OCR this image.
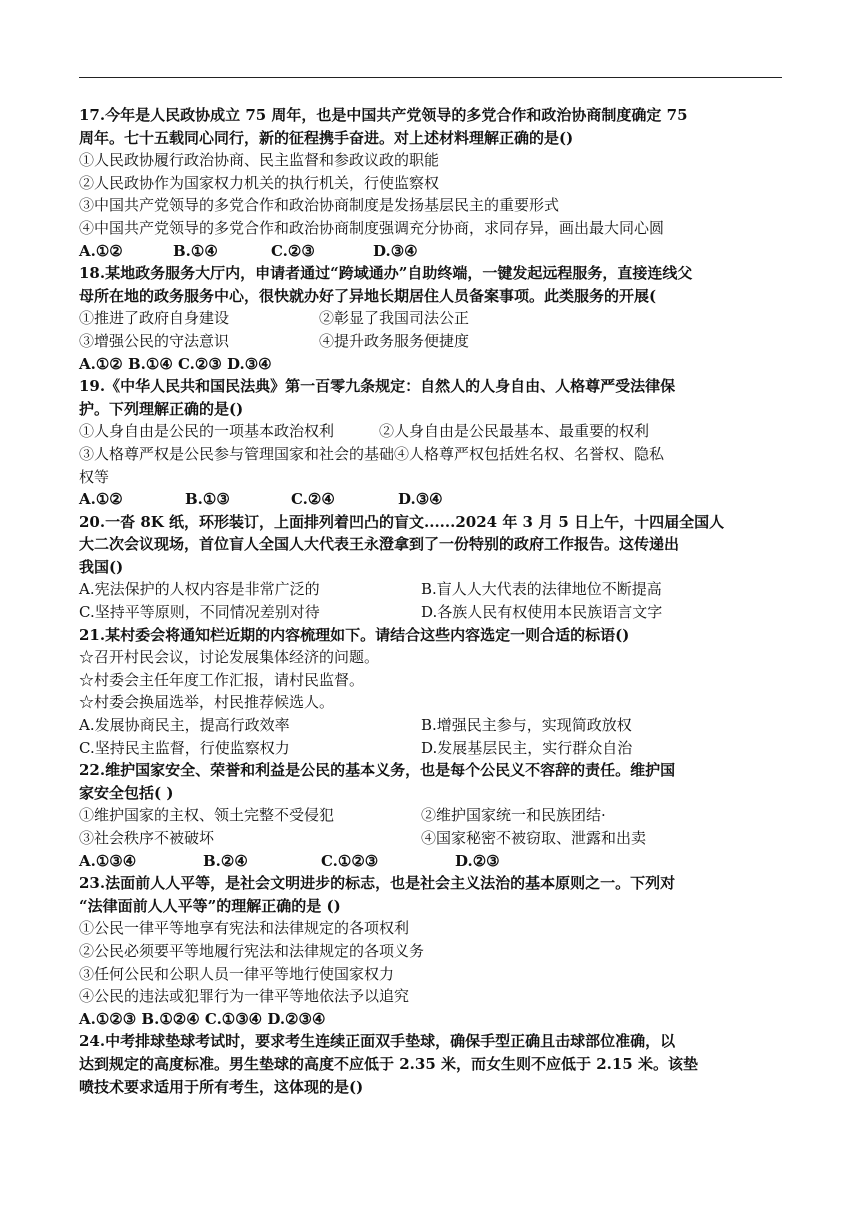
17.今年是人民政协成立 75 周年，也是中国共产党领导的多党合作和政治协商制度确定 75
周年。七十五载同心同行，新的征程携手奋进。对上述材料理解正确的是()
①人民政协履行政治协商、民主监督和参政议政的职能
②人民政协作为国家权力机关的执行机关，行使监察权
③中国共产党领导的多党合作和政治协商制度是发扬基层民主的重要形式
④中国共产党领导的多党合作和政治协商制度强调充分协商，求同存异，画出最大同心圆
A.①②	B.①④	C.②③	D.③④
18.某地政务服务大厅内，申请者通过“跨域通办”自助终端，一键发起远程服务，直接连线父
母所在地的政务服务中心，很快就办好了异地长期居住人员备案事项。此类服务的开展(
①推进了政府自身建设	②彰显了我国司法公正
③增强公民的守法意识	④提升政务服务便捷度
A.①② B.①④ C.②③ D.③④
19.《中华人民共和国民法典》第一百零九条规定：自然人的人身自由、人格尊严受法律保
护。下列理解正确的是()
①人身自由是公民的一项基本政治权利　　　②人身自由是公民最基本、最重要的权利
③人格尊严权是公民参与管理国家和社会的基础④人格尊严权包括姓名权、名誉权、隐私
权等
A.①②	B.①③	C.②④	D.③④
20.一沓 8K 纸，环形装订，上面排列着凹凸的盲文......2024 年 3 月 5 日上午，十四届全国人
大二次会议现场，首位盲人全国人大代表王永澄拿到了一份特别的政府工作报告。这传递出
我国()
A.宪法保护的人权内容是非常广泛的	B.盲人人大代表的法律地位不断提高
C.坚持平等原则，不同情况差别对待	D.各族人民有权使用本民族语言文字
21.某村委会将通知栏近期的内容梳理如下。请结合这些内容选定一则合适的标语()
☆召开村民会议，讨论发展集体经济的问题。
☆村委会主任年度工作汇报，请村民监督。
☆村委会换届选举，村民推荐候选人。
A.发展协商民主，提高行政效率	B.增强民主参与，实现简政放权
C.坚持民主监督，行使监察权力	D.发展基层民主，实行群众自治
22.维护国家安全、荣誉和利益是公民的基本义务，也是每个公民义不容辞的责任。维护国
家安全包括( )
①维护国家的主权、领土完整不受侵犯	②维护国家统一和民族团结·
③社会秩序不被破坏	④国家秘密不被窃取、泄露和出卖
A.①③④	B.②④	C.①②③	D.②③
23.法面前人人平等，是社会文明进步的标志，也是社会主义法治的基本原则之一。下列对
“法律面前人人平等”的理解正确的是 ()
①公民一律平等地享有宪法和法律规定的各项权利
②公民必须要平等地履行宪法和法律规定的各项义务
③任何公民和公职人员一律平等地行使国家权力
④公民的违法或犯罪行为一律平等地依法予以追究
A.①②③ B.①②④ C.①③④ D.②③④
24.中考排球垫球考试时，要求考生连续正面双手垫球，确保手型正确且击球部位准确，以
达到规定的高度标准。男生垫球的高度不应低于 2.35 米，而女生则不应低于 2.15 米。该垫
喷技术要求适用于所有考生，这体现的是()
